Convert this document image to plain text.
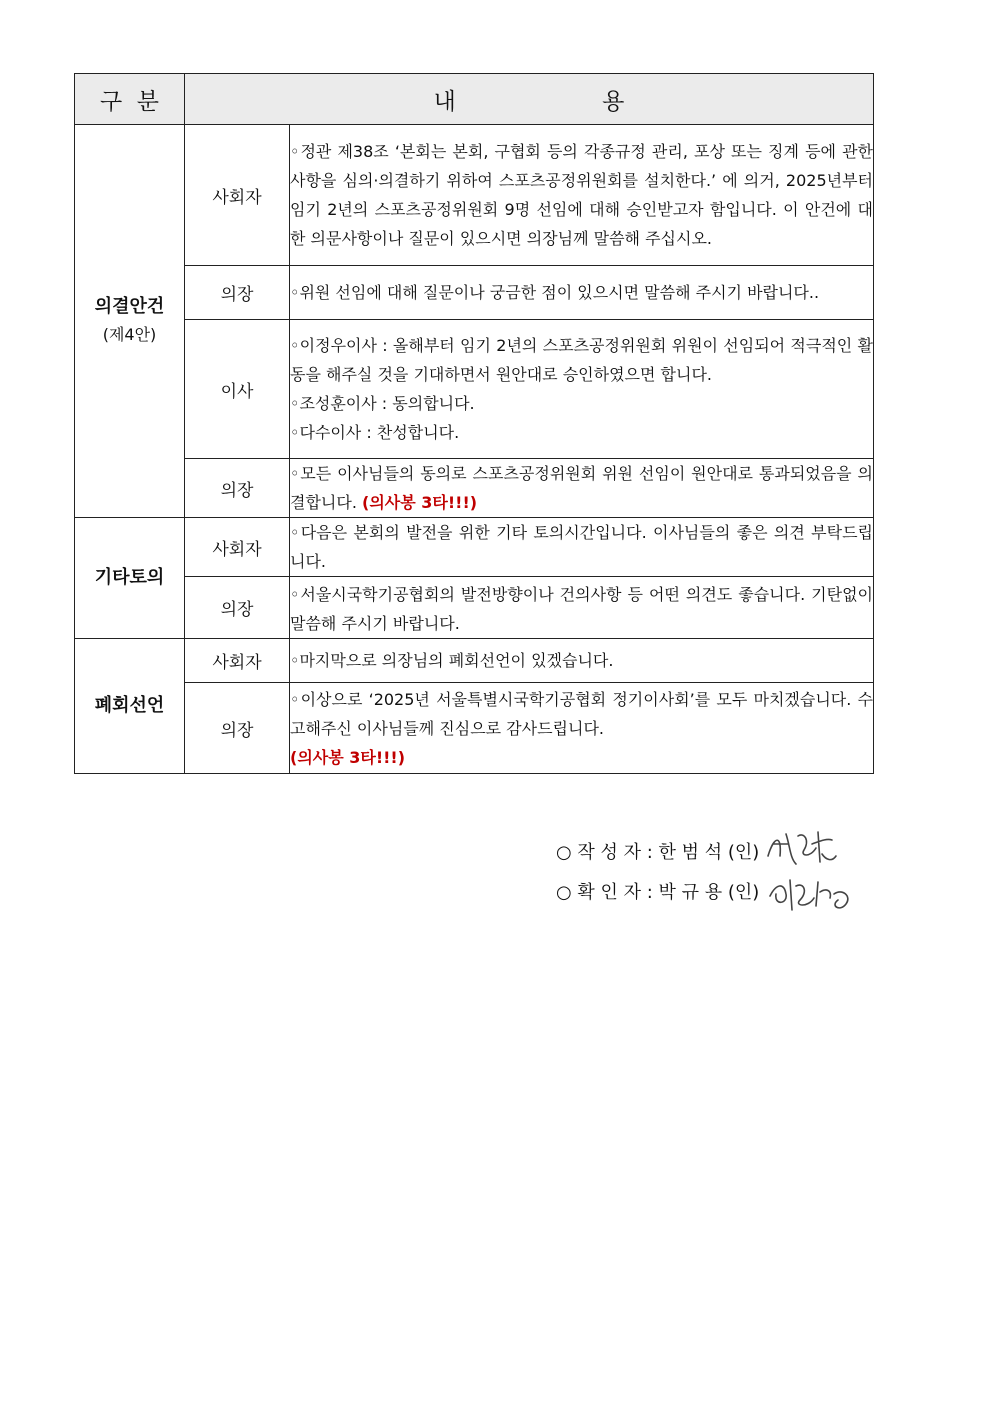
구  분	내                    용	

의결안건
(제4안)	사회자	◦정관 제38조 ‘본회는 본회, 구협회 등의 각종규정 관리, 포상 또는 징계 등에 관한 사항을 심의·의결하기 위하여 스포츠공정위원회를 설치한다.’ 에 의거, 2025년부터 임기 2년의 스포츠공정위원회 9명 선임에 대해 승인받고자 함입니다. 이 안건에 대한 의문사항이나 질문이 있으시면 의장님께 말씀해 주십시오.

	의장	◦위원 선임에 대해 질문이나 궁금한 점이 있으시면 말씀해 주시기 바랍니다..

	이사	◦이정우이사 : 올해부터 임기 2년의 스포츠공정위원회 위원이 선임되어 적극적인 활동을 해주실 것을 기대하면서 원안대로 승인하였으면 합니다.

◦조성훈이사 : 동의합니다.

◦다수이사 : 찬성합니다.

	의장	◦모든 이사님들의 동의로 스포츠공정위원회 위원 선임이 원안대로 통과되었음을 의결합니다. (의사봉 3타!!!)

기타토의	사회자	◦다음은 본회의 발전을 위한 기타 토의시간입니다. 이사님들의 좋은 의견 부탁드립니다.

	의장	◦서울시국학기공협회의 발전방향이나 건의사항 등 어떤 의견도 좋습니다. 기탄없이 말씀해 주시기 바랍니다.

폐회선언	사회자	◦마지막으로 의장님의 폐회선언이 있겠습니다.

	의장	◦이상으로 ‘2025년 서울특별시국학기공협회 정기이사회’를 모두 마치겠습니다. 수고해주신 이사님들께 진심으로 감사드립니다.

(의사봉 3타!!!)

○ 작 성 자 : 한 범 석 (인)
○ 확 인 자 : 박 규 용 (인)
